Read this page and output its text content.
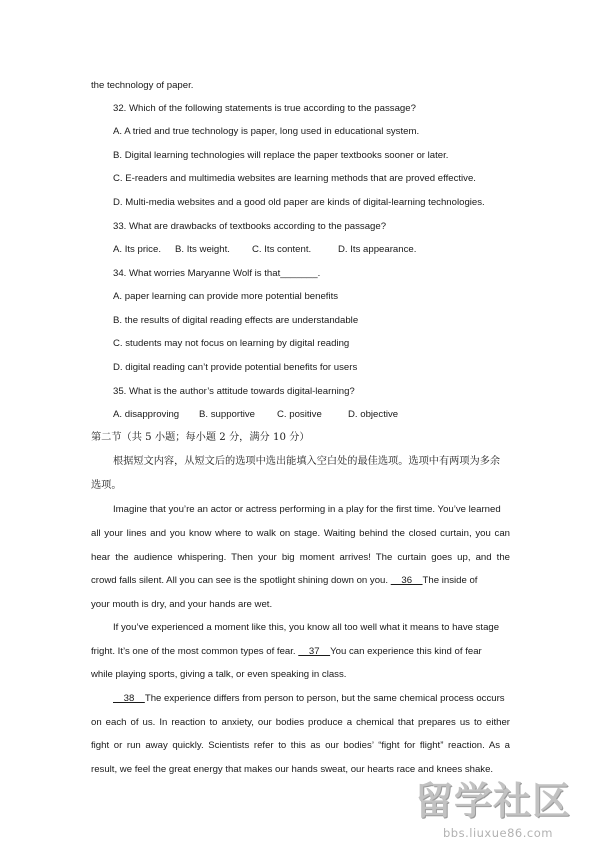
the technology of paper.
32. Which of the following statements is true according to the passage?
A. A tried and true technology is paper, long used in educational system.
B. Digital learning technologies will replace the paper textbooks sooner or later.
C. E-readers and multimedia websites are learning methods that are proved effective.
D. Multi-media websites and a good old paper are kinds of digital-learning technologies.
33. What are drawbacks of textbooks according to the passage?
A. Its price. B. Its weight. C. Its content.	D. Its appearance.
34. What worries Maryanne Wolf is that_______.
A. paper learning can provide more potential benefits
B. the results of digital reading effects are understandable
C. students may not focus on learning by digital reading
D. digital reading can’t provide potential benefits for users
35. What is the author’s attitude towards digital-learning?
A. disapproving B. supportive C. positive	D. objective
第二节（共 5 小题；每小题 2 分，满分 10 分）
根据短文内容，从短文后的选项中选出能填入空白处的最佳选项。选项中有两项为多余
选项。
Imagine that you’re an actor or actress performing in a play for the first time. You’ve learned
all your lines and you know where to walk on stage. Waiting behind the closed curtain, you can
hear the audience whispering. Then your big moment arrives! The curtain goes up, and the
crowd falls silent. All you can see is the spotlight shining down on you.     36    The inside of
your mouth is dry, and your hands are wet.
If you’ve experienced a moment like this, you know all too well what it means to have stage
fright. It’s one of the most common types of fear.     37    You can experience this kind of fear
while playing sports, giving a talk, or even speaking in class.
38    The experience differs from person to person, but the same chemical process occurs
on each of us. In reaction to anxiety, our bodies produce a chemical that prepares us to either
fight or run away quickly. Scientists refer to this as our bodies’ “fight for flight” reaction. As a
result, we feel the great energy that makes our hands sweat, our hearts race and knees shake.
留学社区
bbs.liuxue86.com
